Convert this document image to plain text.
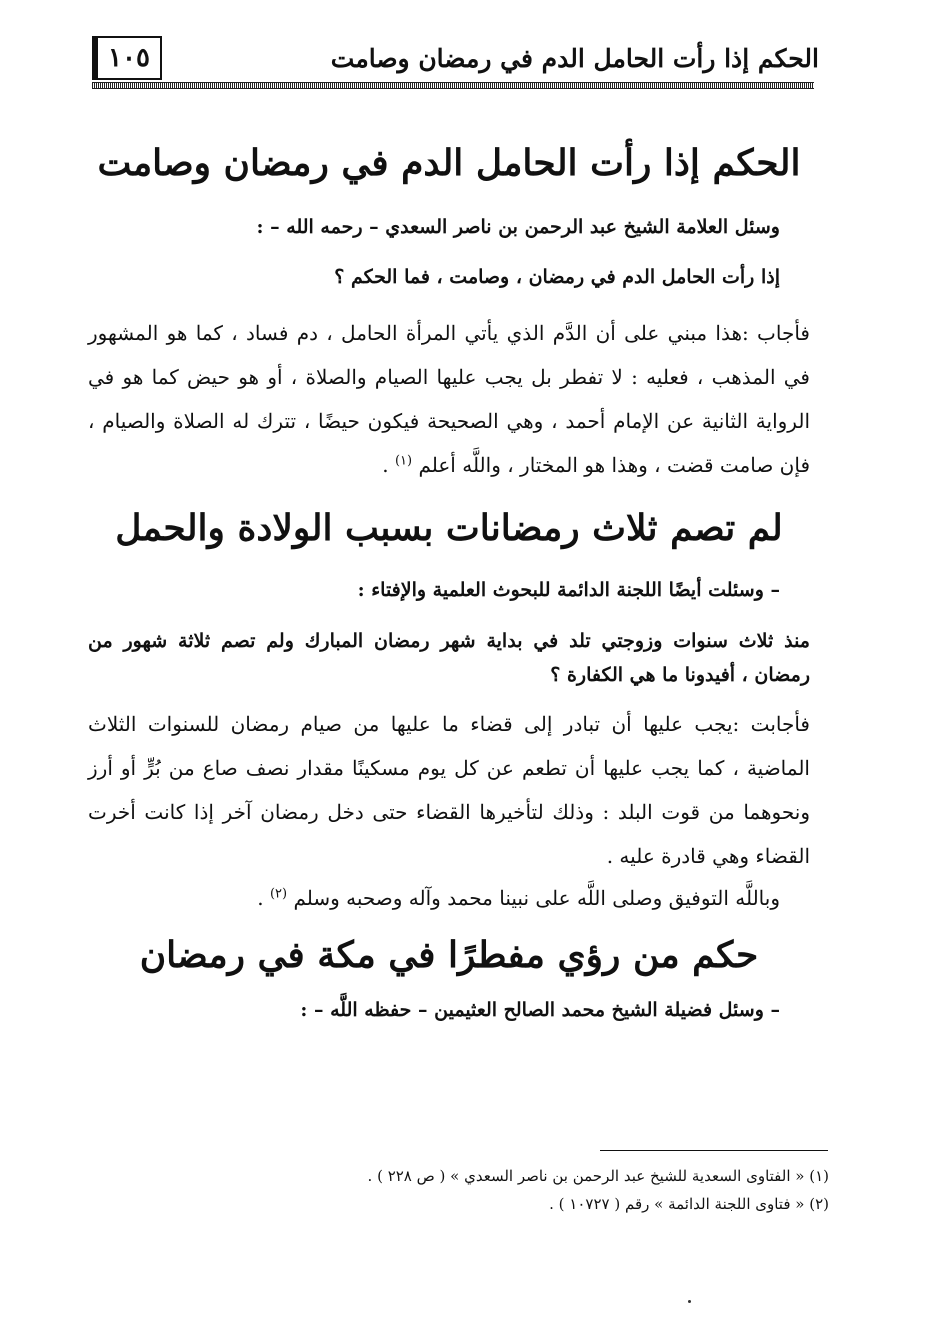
الحكم إذا رأت الحامل الدم في رمضان وصامت
١٠٥
الحكم إذا رأت الحامل الدم في رمضان وصامت

وسئل العلامة الشيخ عبد الرحمن بن ناصر السعدي – رحمه الله – :

إذا رأت الحامل الدم في رمضان ، وصامت ، فما الحكم ؟

فأجاب :هذا مبني على أن الدَّم الذي يأتي المرأة الحامل ، دم فساد ، كما هو المشهور في المذهب ، فعليه : لا تفطر بل يجب عليها الصيام والصلاة ، أو هو حيض كما هو في الرواية الثانية عن الإمام أحمد ، وهي الصحيحة فيكون حيضًا ، تترك له الصلاة والصيام ، فإن صامت قضت ، وهذا هو المختار ، واللَّه أعلم $^{(١)}$ .

لم تصم ثلاث رمضانات بسبب الولادة والحمل

– وسئلت أيضًا اللجنة الدائمة للبحوث العلمية والإفتاء :

منذ ثلاث سنوات وزوجتي تلد في بداية شهر رمضان المبارك ولم تصم ثلاثة شهور من رمضان ، أفيدونا ما هي الكفارة ؟

فأجابت :يجب عليها أن تبادر إلى قضاء ما عليها من صيام رمضان للسنوات الثلاث الماضية ، كما يجب عليها أن تطعم عن كل يوم مسكينًا مقدار نصف صاع من بُرٍّ أو أرز ونحوهما من قوت البلد : وذلك لتأخيرها القضاء حتى دخل رمضان آخر إذا كانت أخرت القضاء وهي قادرة عليه .

وباللَّه التوفيق وصلى اللَّه على نبينا محمد وآله وصحبه وسلم $^{(٢)}$ .

حكم من رؤي مفطرًا في مكة في رمضان

– وسئل فضيلة الشيخ محمد الصالح العثيمين – حفظه اللَّه – :

(١) « الفتاوى السعدية للشيخ عبد الرحمن بن ناصر السعدي » ( ص ٢٢٨ ) .

(٢) « فتاوى اللجنة الدائمة » رقم ( ١٠٧٢٧ ) .
